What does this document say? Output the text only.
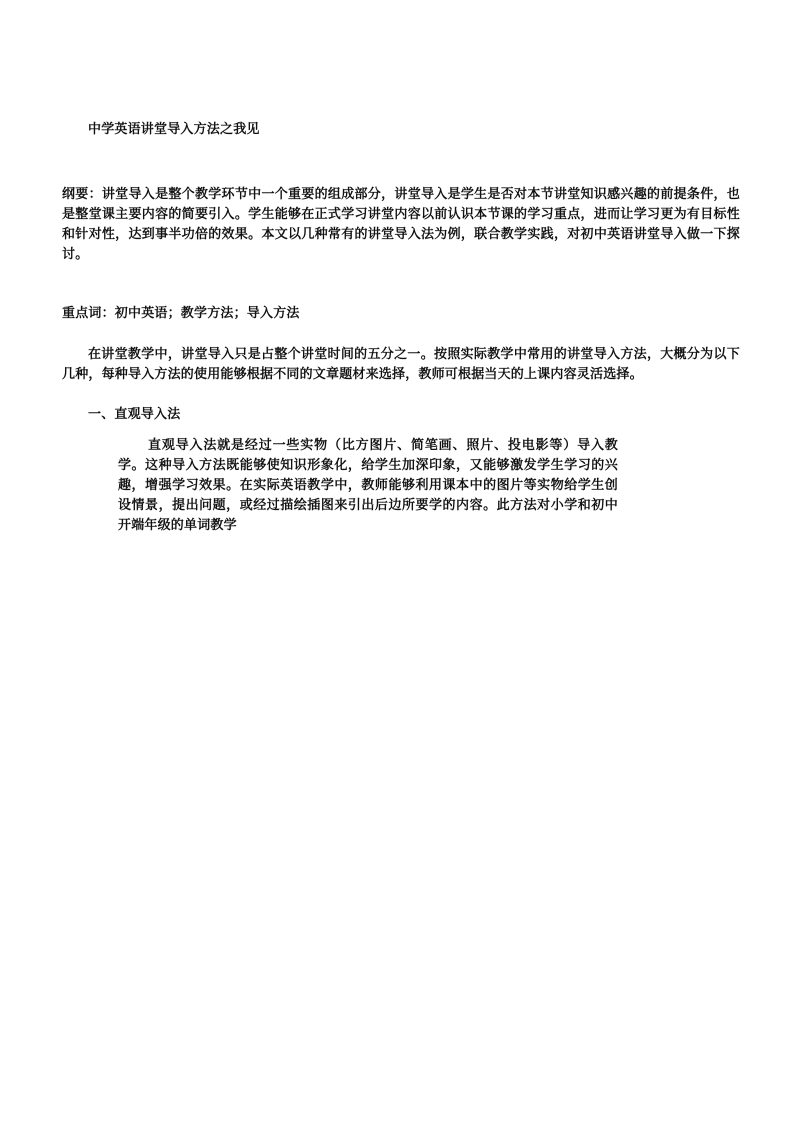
中学英语讲堂导入方法之我见

纲要：讲堂导入是整个教学环节中一个重要的组成部分，讲堂导入是学生是否对本节讲堂知识感兴趣的前提条件，也是整堂课主要内容的简要引入。学生能够在正式学习讲堂内容以前认识本节课的学习重点，进而让学习更为有目标性和针对性，达到事半功倍的效果。本文以几种常有的讲堂导入法为例，联合教学实践，对初中英语讲堂导入做一下探讨。

重点词：初中英语；教学方法；导入方法

在讲堂教学中，讲堂导入只是占整个讲堂时间的五分之一。按照实际教学中常用的讲堂导入方法，大概分为以下几种，每种导入方法的使用能够根据不同的文章题材来选择，教师可根据当天的上课内容灵活选择。

一、直观导入法

直观导入法就是经过一些实物（比方图片、简笔画、照片、投电影等）导入教学。这种导入方法既能够使知识形象化，给学生加深印象，又能够激发学生学习的兴趣，增强学习效果。在实际英语教学中，教师能够利用课本中的图片等实物给学生创设情景，提出问题，或经过描绘插图来引出后边所要学的内容。此方法对小学和初中开端年级的单词教学
